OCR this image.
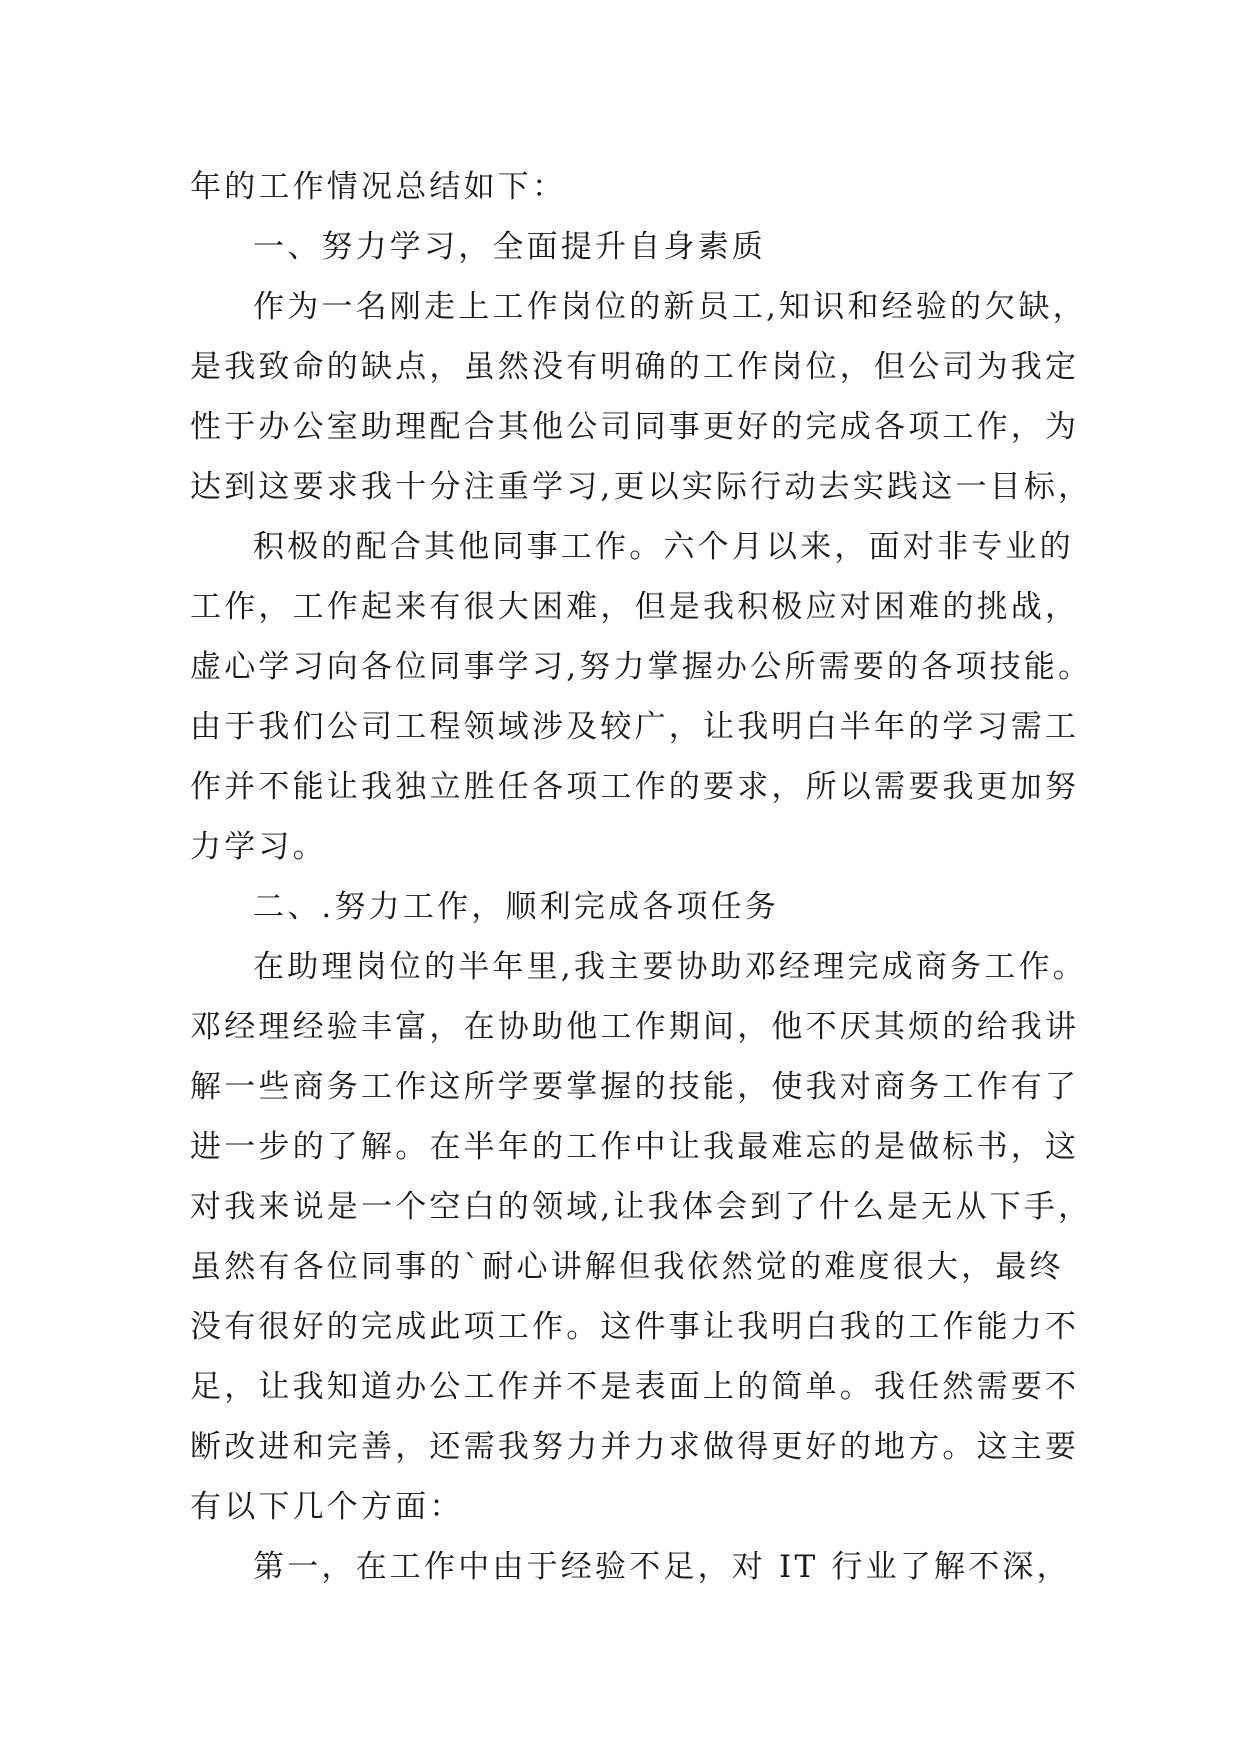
年的工作情况总结如下：
一、努力学习，全面提升自身素质
作为一名刚走上工作岗位的新员工,知识和经验的欠缺，
是我致命的缺点，虽然没有明确的工作岗位，但公司为我定
性于办公室助理配合其他公司同事更好的完成各项工作，为
达到这要求我十分注重学习,更以实际行动去实践这一目标，
积极的配合其他同事工作。六个月以来，面对非专业的
工作，工作起来有很大困难，但是我积极应对困难的挑战，
虚心学习向各位同事学习,努力掌握办公所需要的各项技能。
由于我们公司工程领域涉及较广，让我明白半年的学习需工
作并不能让我独立胜任各项工作的要求，所以需要我更加努
力学习。
二、.努力工作，顺利完成各项任务
在助理岗位的半年里,我主要协助邓经理完成商务工作。
邓经理经验丰富，在协助他工作期间，他不厌其烦的给我讲
解一些商务工作这所学要掌握的技能，使我对商务工作有了
进一步的了解。在半年的工作中让我最难忘的是做标书，这
对我来说是一个空白的领域,让我体会到了什么是无从下手，
虽然有各位同事的`耐心讲解但我依然觉的难度很大，最终
没有很好的完成此项工作。这件事让我明白我的工作能力不
足，让我知道办公工作并不是表面上的简单。我任然需要不
断改进和完善，还需我努力并力求做得更好的地方。这主要
有以下几个方面：
第一，在工作中由于经验不足，对 IT 行业了解不深，
